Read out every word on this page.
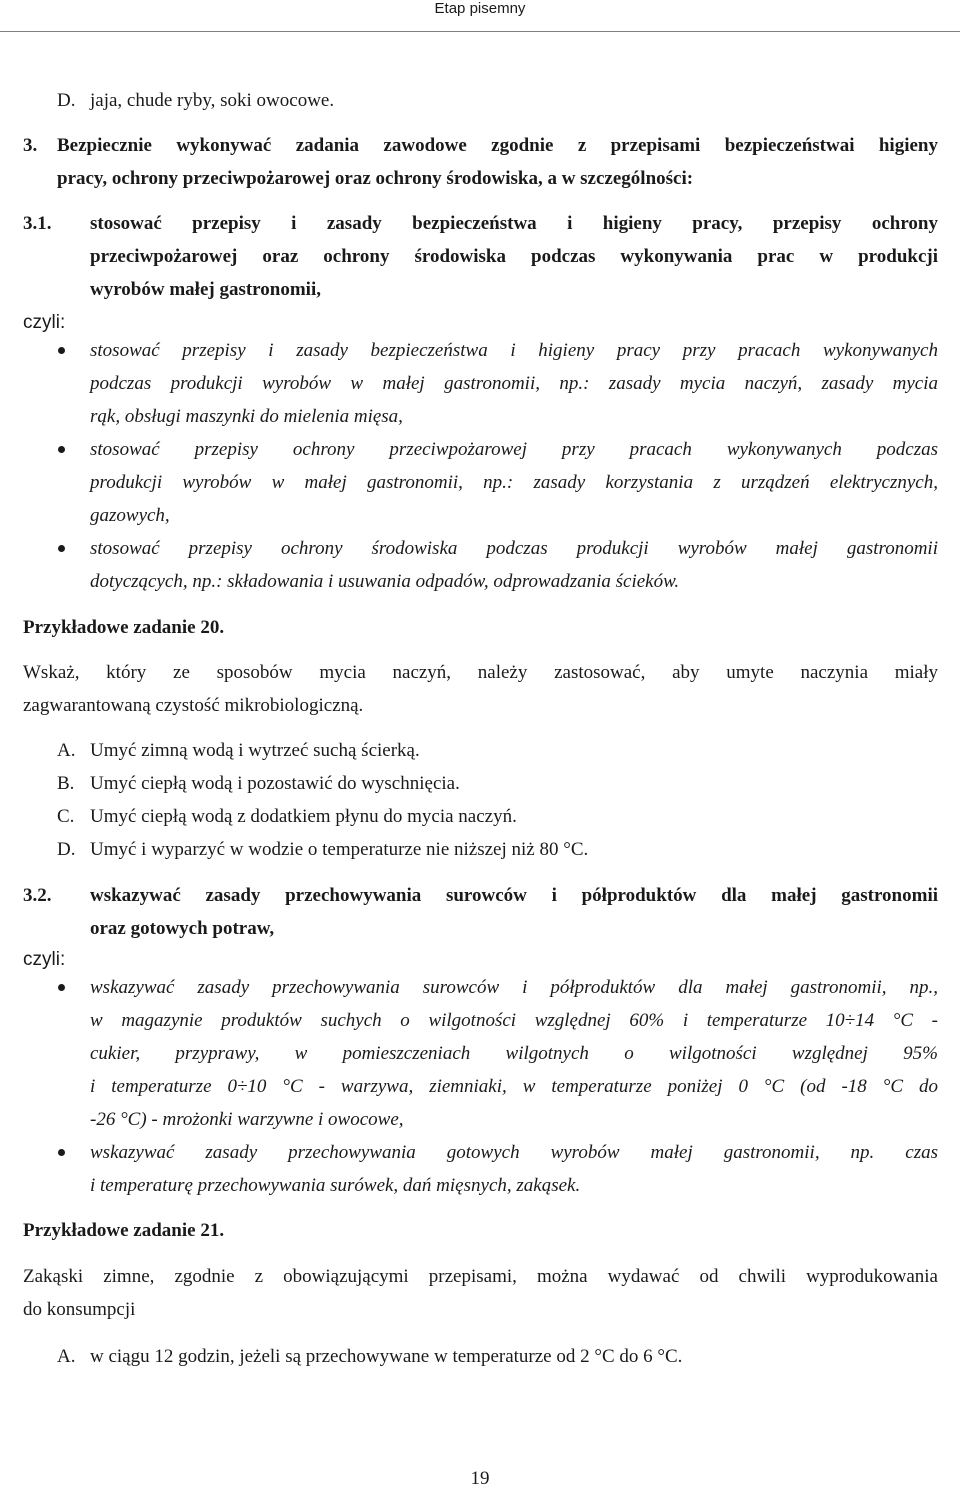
Etap pisemny
D. jaja, chude ryby, soki owocowe.
3.	Bezpiecznie wykonywać zadania zawodowe zgodnie z przepisami bezpieczeństwai higieny
pracy, ochrony przeciwpożarowej oraz ochrony środowiska, a w szczególności:
3.1.	stosować przepisy i zasady bezpieczeństwa i higieny pracy, przepisy ochrony
przeciwpożarowej oraz ochrony środowiska podczas wykonywania prac w produkcji
wyrobów małej gastronomii,
czyli:
stosować przepisy i zasady bezpieczeństwa i higieny pracy przy pracach wykonywanych
podczas produkcji wyrobów w małej gastronomii, np.: zasady mycia naczyń, zasady mycia
rąk, obsługi maszynki do mielenia mięsa,
stosować przepisy ochrony przeciwpożarowej przy pracach wykonywanych podczas
produkcji wyrobów w małej gastronomii, np.: zasady korzystania z urządzeń elektrycznych,
gazowych,
stosować przepisy ochrony środowiska podczas produkcji wyrobów małej gastronomii
dotyczących, np.: składowania i usuwania odpadów, odprowadzania ścieków.
Przykładowe zadanie 20.
Wskaż, który ze sposobów mycia naczyń, należy zastosować, aby umyte naczynia miały
zagwarantowaną czystość mikrobiologiczną.
A. Umyć zimną wodą i wytrzeć suchą ścierką.
B. Umyć ciepłą wodą i pozostawić do wyschnięcia.
C. Umyć ciepłą wodą z dodatkiem płynu do mycia naczyń.
D. Umyć i wyparzyć w wodzie o temperaturze nie niższej niż 80 °C.
3.2.	wskazywać zasady przechowywania surowców i półproduktów dla małej gastronomii
oraz gotowych potraw,
czyli:
wskazywać zasady przechowywania surowców i półproduktów dla małej gastronomii, np.,
w magazynie produktów suchych o wilgotności względnej 60% i temperaturze 10÷14 °C -
cukier, przyprawy, w pomieszczeniach wilgotnych o wilgotności względnej 95%
i temperaturze 0÷10 °C - warzywa, ziemniaki, w temperaturze poniżej 0 °C (od -18 °C do
-26 °C) - mrożonki warzywne i owocowe,
wskazywać zasady przechowywania gotowych wyrobów małej gastronomii, np. czas
i temperaturę przechowywania surówek, dań mięsnych, zakąsek.
Przykładowe zadanie 21.
Zakąski zimne, zgodnie z obowiązującymi przepisami, można wydawać od chwili wyprodukowania
do konsumpcji
A. w ciągu 12 godzin, jeżeli są przechowywane w temperaturze od 2 °C do 6 °C.
19
